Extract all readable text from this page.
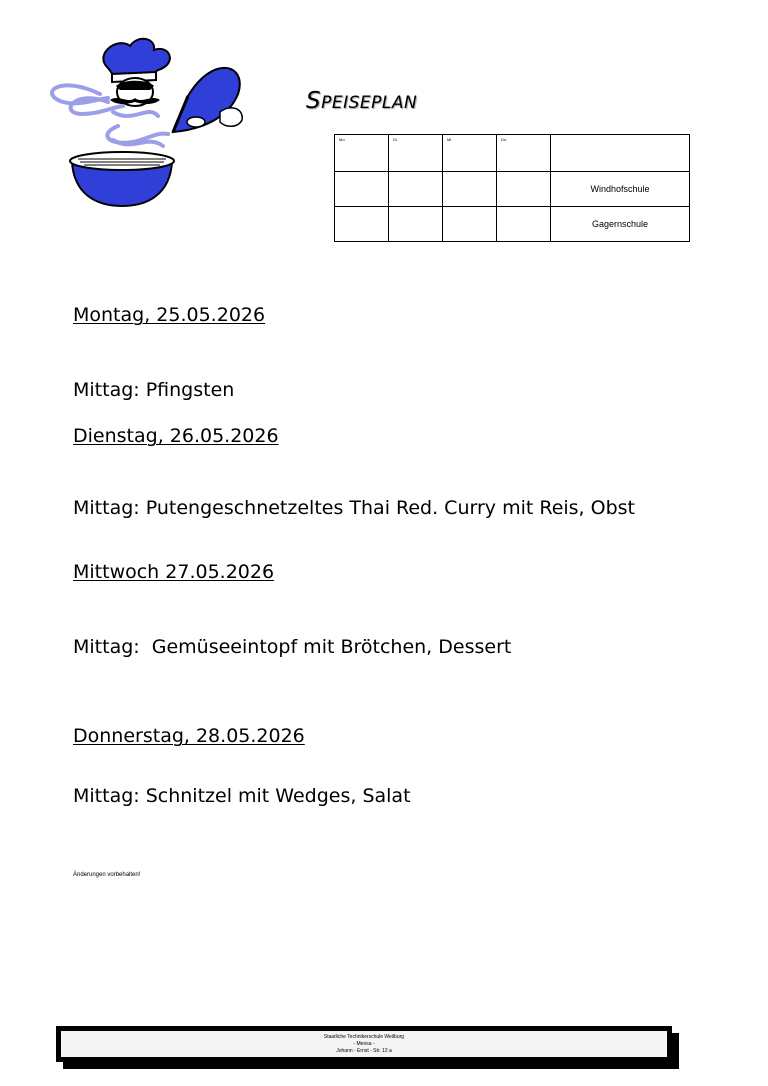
SPEISEPLAN
Mo.	Di.	Mi.	Do.	
				Windhofschule
				Gagernschule
Montag, 25.05.2026
Mittag: Pfingsten
Dienstag, 26.05.2026
Mittag: Putengeschnetzeltes Thai Red. Curry mit Reis, Obst
Mittwoch 27.05.2026
Mittag:  Gemüseeintopf mit Brötchen, Dessert
Donnerstag, 28.05.2026
Mittag: Schnitzel mit Wedges, Salat
Änderungen vorbehalten!
Staatliche Technikerschule Weilburg
- Mensa -
Johann - Ernst - Str. 12 a
